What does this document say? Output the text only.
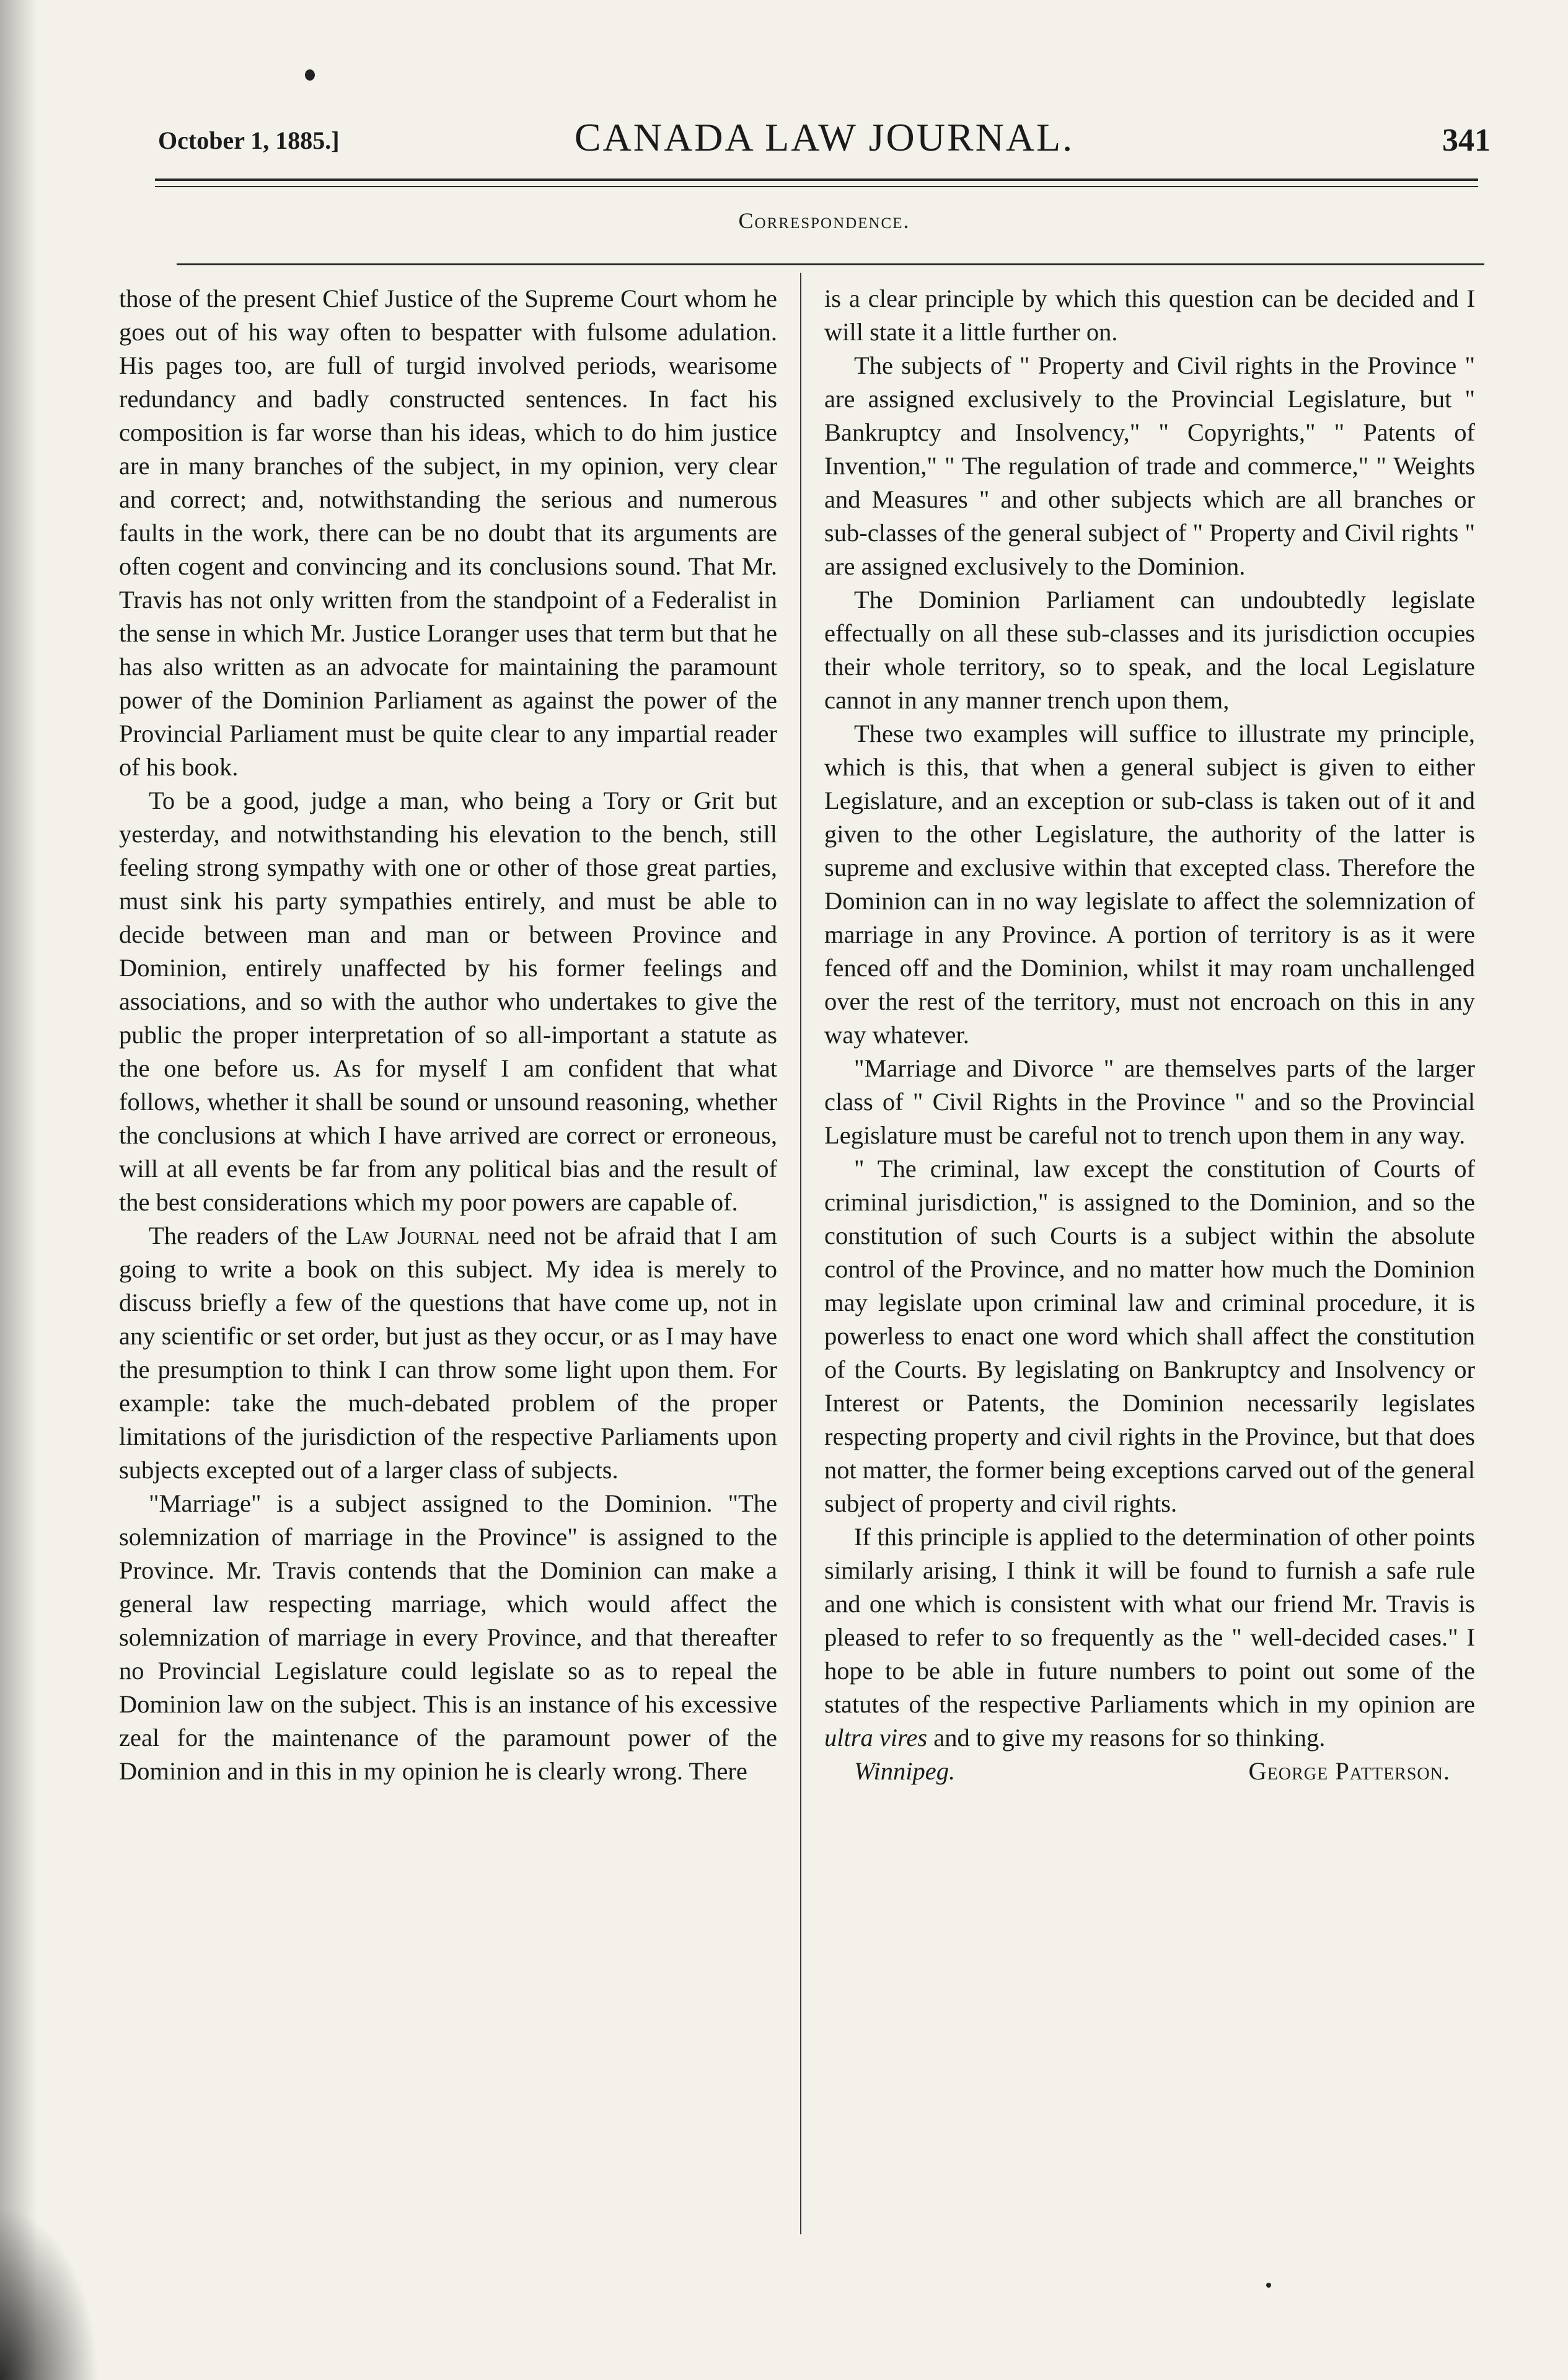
October 1, 1885.]	CANADA LAW JOURNAL.	341
Correspondence.

those of the present Chief Justice of the Supreme Court whom he goes out of his way often to bespatter with fulsome adulation. His pages too, are full of turgid involved periods, wearisome redundancy and badly constructed sentences. In fact his composition is far worse than his ideas, which to do him justice are in many branches of the subject, in my opinion, very clear and correct; and, notwithstanding the serious and numerous faults in the work, there can be no doubt that its arguments are often cogent and convincing and its conclusions sound. That Mr. Travis has not only written from the standpoint of a Federalist in the sense in which Mr. Justice Loranger uses that term but that he has also written as an advocate for maintaining the paramount power of the Dominion Parliament as against the power of the Provincial Parliament must be quite clear to any impartial reader of his book.

To be a good, judge a man, who being a Tory or Grit but yesterday, and notwithstanding his elevation to the bench, still feeling strong sympathy with one or other of those great parties, must sink his party sympathies entirely, and must be able to decide between man and man or between Province and Dominion, entirely unaffected by his former feelings and associations, and so with the author who undertakes to give the public the proper interpretation of so all-important a statute as the one before us. As for myself I am confident that what follows, whether it shall be sound or unsound reasoning, whether the conclusions at which I have arrived are correct or erroneous, will at all events be far from any political bias and the result of the best considerations which my poor powers are capable of.

The readers of the Law Journal need not be afraid that I am going to write a book on this subject. My idea is merely to discuss briefly a few of the questions that have come up, not in any scientific or set order, but just as they occur, or as I may have the presumption to think I can throw some light upon them. For example: take the much-debated problem of the proper limitations of the jurisdiction of the respective Parliaments upon subjects excepted out of a larger class of subjects.

"Marriage" is a subject assigned to the Dominion. "The solemnization of marriage in the Province" is assigned to the Province. Mr. Travis contends that the Dominion can make a general law respecting marriage, which would affect the solemnization of marriage in every Province, and that thereafter no Provincial Legislature could legislate so as to repeal the Dominion law on the subject. This is an instance of his excessive zeal for the maintenance of the paramount power of the Dominion and in this in my opinion he is clearly wrong. There

is a clear principle by which this question can be decided and I will state it a little further on.

The subjects of " Property and Civil rights in the Province " are assigned exclusively to the Provincial Legislature, but " Bankruptcy and Insolvency," " Copyrights," " Patents of Invention," " The regulation of trade and commerce," " Weights and Measures " and other subjects which are all branches or sub-classes of the general subject of " Property and Civil rights " are assigned exclusively to the Dominion.

The Dominion Parliament can undoubtedly legislate effectually on all these sub-classes and its jurisdiction occupies their whole territory, so to speak, and the local Legislature cannot in any manner trench upon them,

These two examples will suffice to illustrate my principle, which is this, that when a general subject is given to either Legislature, and an exception or sub-class is taken out of it and given to the other Legislature, the authority of the latter is supreme and exclusive within that excepted class. Therefore the Dominion can in no way legislate to affect the solemnization of marriage in any Province. A portion of territory is as it were fenced off and the Dominion, whilst it may roam unchallenged over the rest of the territory, must not encroach on this in any way whatever.

"Marriage and Divorce " are themselves parts of the larger class of " Civil Rights in the Province " and so the Provincial Legislature must be careful not to trench upon them in any way.

" The criminal, law except the constitution of Courts of criminal jurisdiction," is assigned to the Dominion, and so the constitution of such Courts is a subject within the absolute control of the Province, and no matter how much the Dominion may legislate upon criminal law and criminal procedure, it is powerless to enact one word which shall affect the constitution of the Courts. By legislating on Bankruptcy and Insolvency or Interest or Patents, the Dominion necessarily legislates respecting property and civil rights in the Province, but that does not matter, the former being exceptions carved out of the general subject of property and civil rights.

If this principle is applied to the determination of other points similarly arising, I think it will be found to furnish a safe rule and one which is consistent with what our friend Mr. Travis is pleased to refer to so frequently as the " well-decided cases." I hope to be able in future numbers to point out some of the statutes of the respective Parliaments which in my opinion are ultra vires and to give my reasons for so thinking.

Winnipeg.	George Patterson.
